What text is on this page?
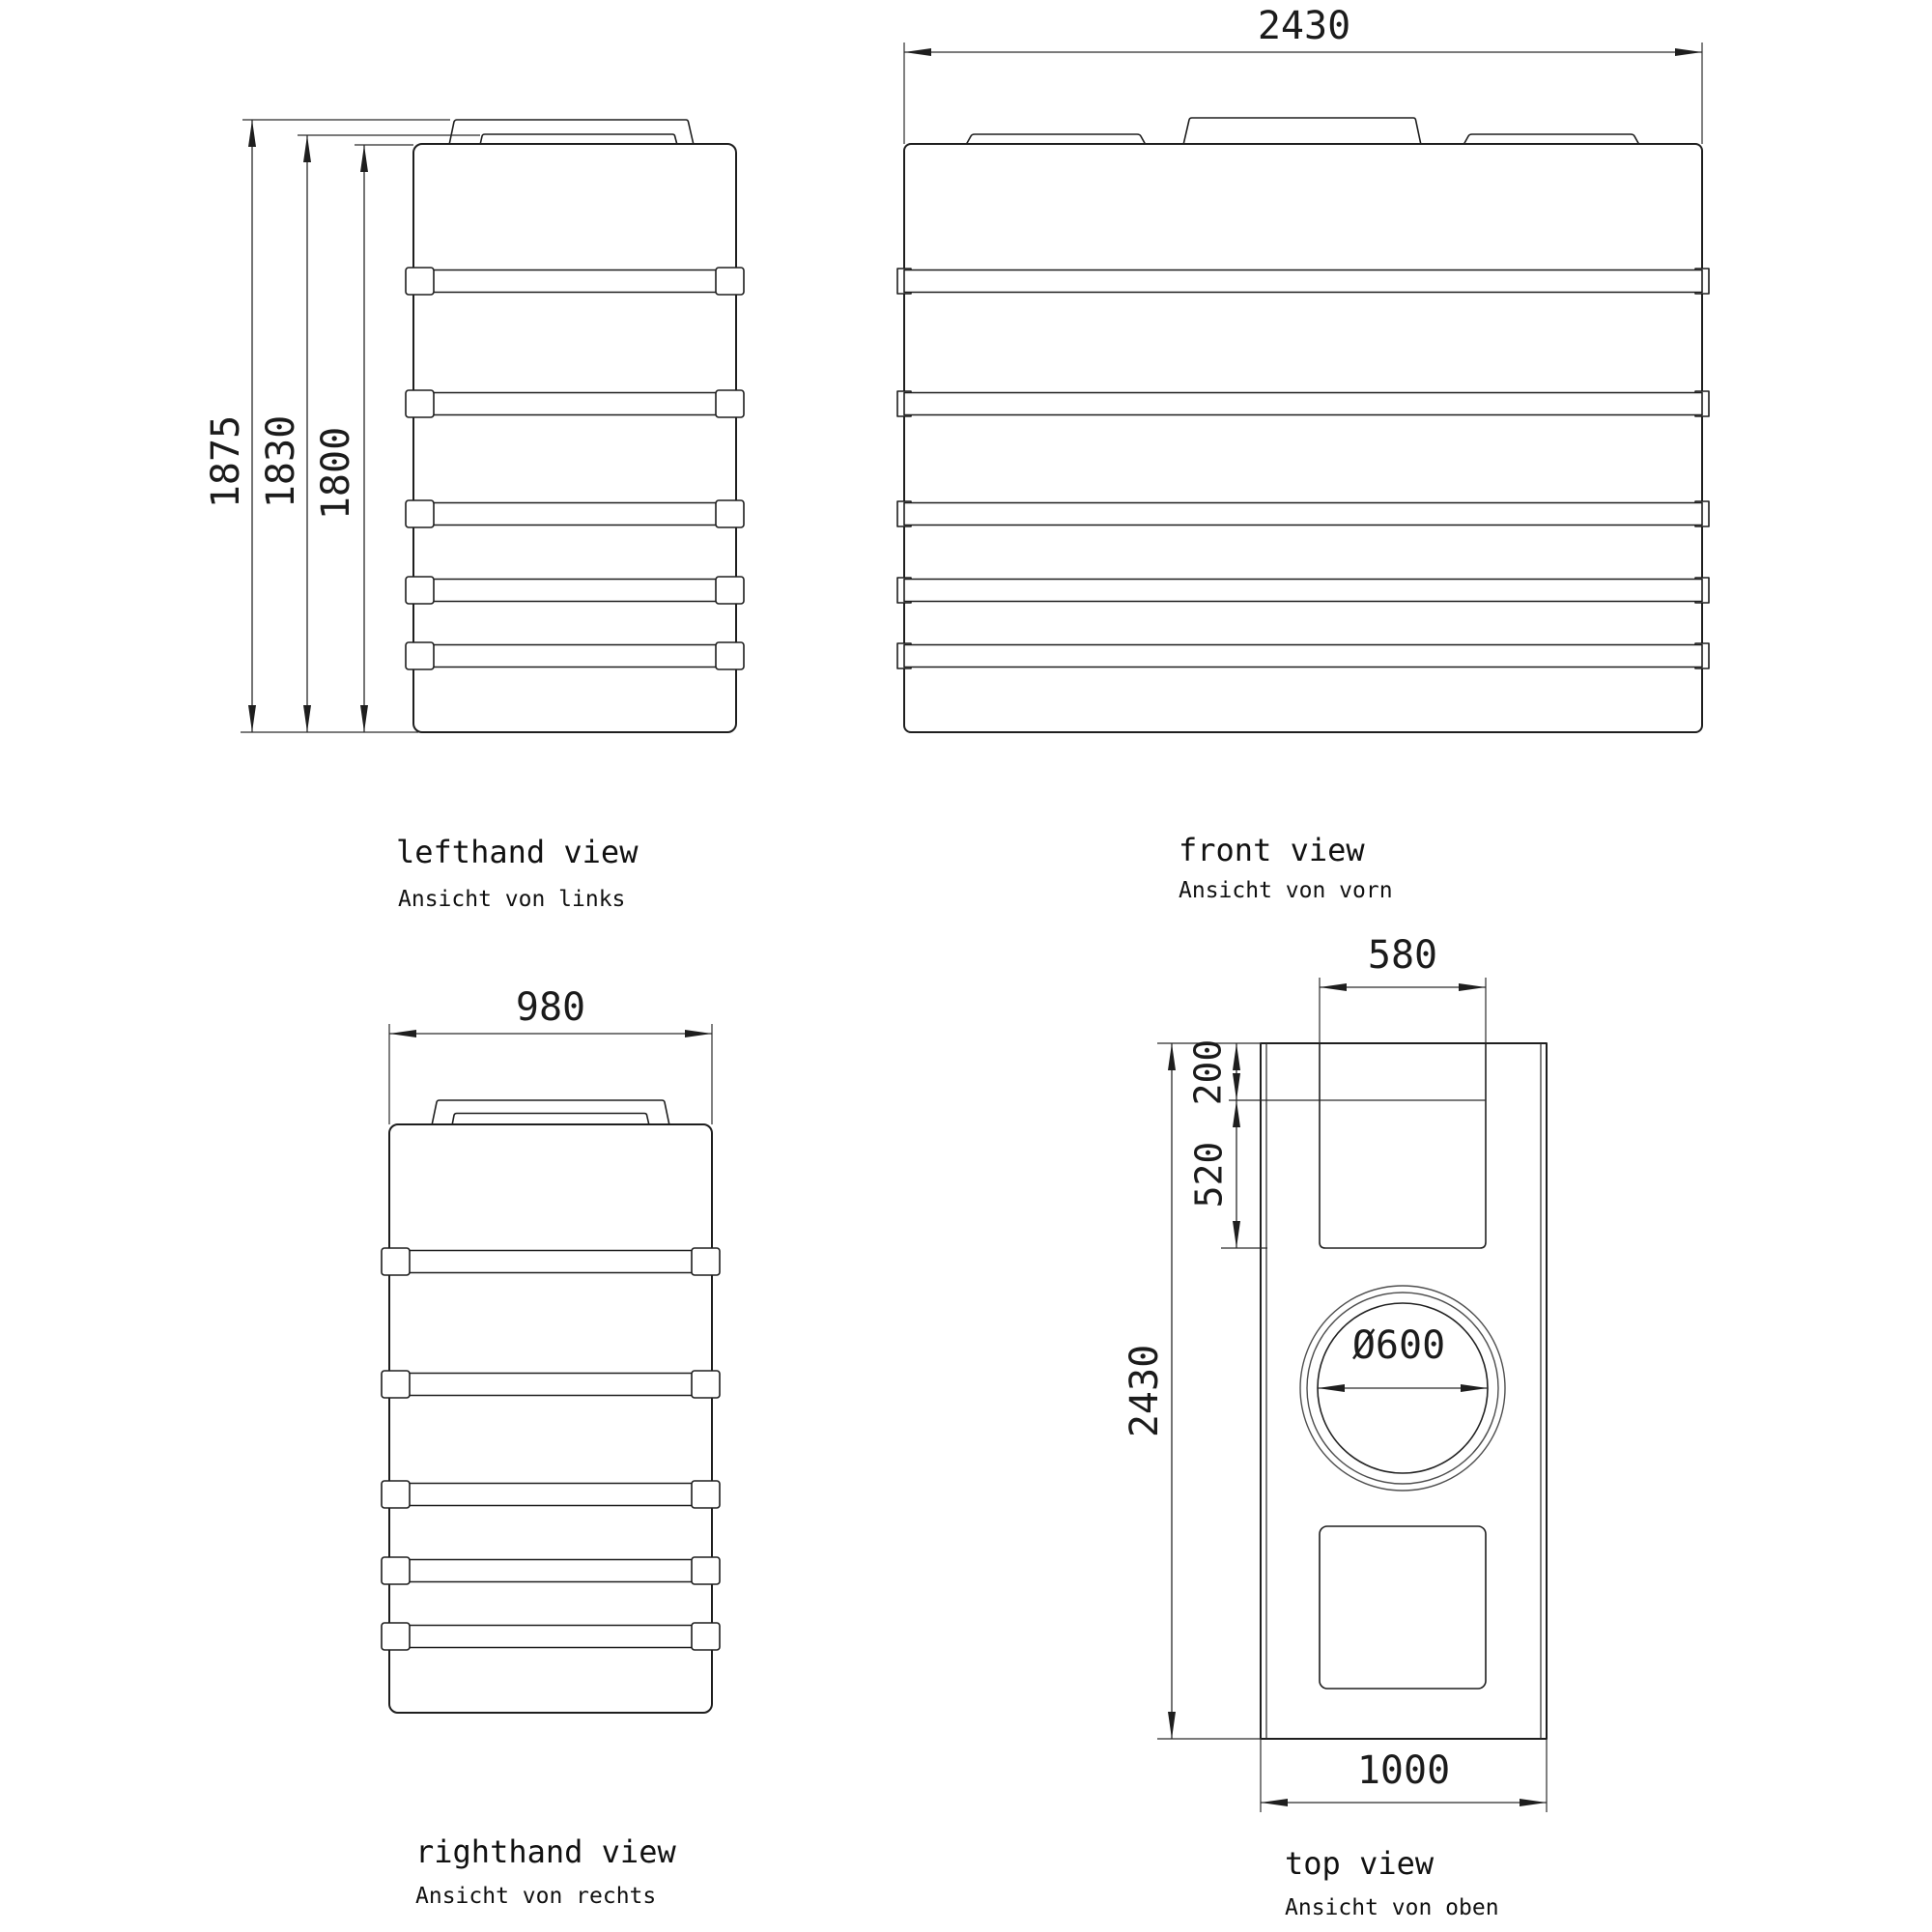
1875 1830 1800
lefthand view
Ansicht von links
2430
front view
Ansicht von vorn
980
righthand view
Ansicht von rechts
Ø600
2430
200
520
580
1000
top view
Ansicht von oben
